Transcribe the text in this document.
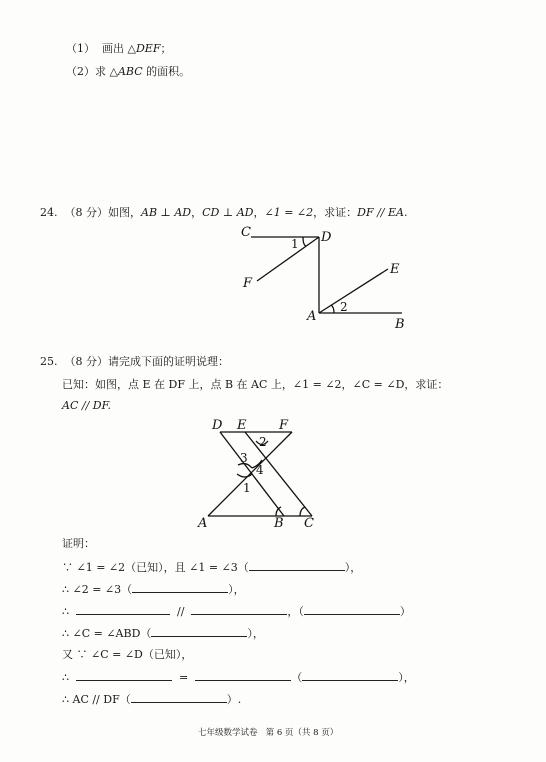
（1） 画出 △DEF；
（2）求 △ABC 的面积。
24. （8 分）如图，AB ⊥ AD，CD ⊥ AD，∠1 = ∠2，求证：DF // EA.
C	D
F
E
A
B
1
2
25. （8 分）请完成下面的证明说理：
已知：如图，点 E 在 DF 上，点 B 在 AC 上，∠1 = ∠2，∠C = ∠D，求证：
AC // DF.
D E	F
A	B C
2
3
4
1
证明：
∵ ∠1 = ∠2（已知），且 ∠1 = ∠3（	），
∴ ∠2 = ∠3（	），
∴	//	，（	）
∴ ∠C = ∠ABD（	），
又 ∵ ∠C = ∠D（已知），
∴	=	（	），
∴ AC // DF（	）.
七年级数学试卷 第 6 页（共 8 页）
